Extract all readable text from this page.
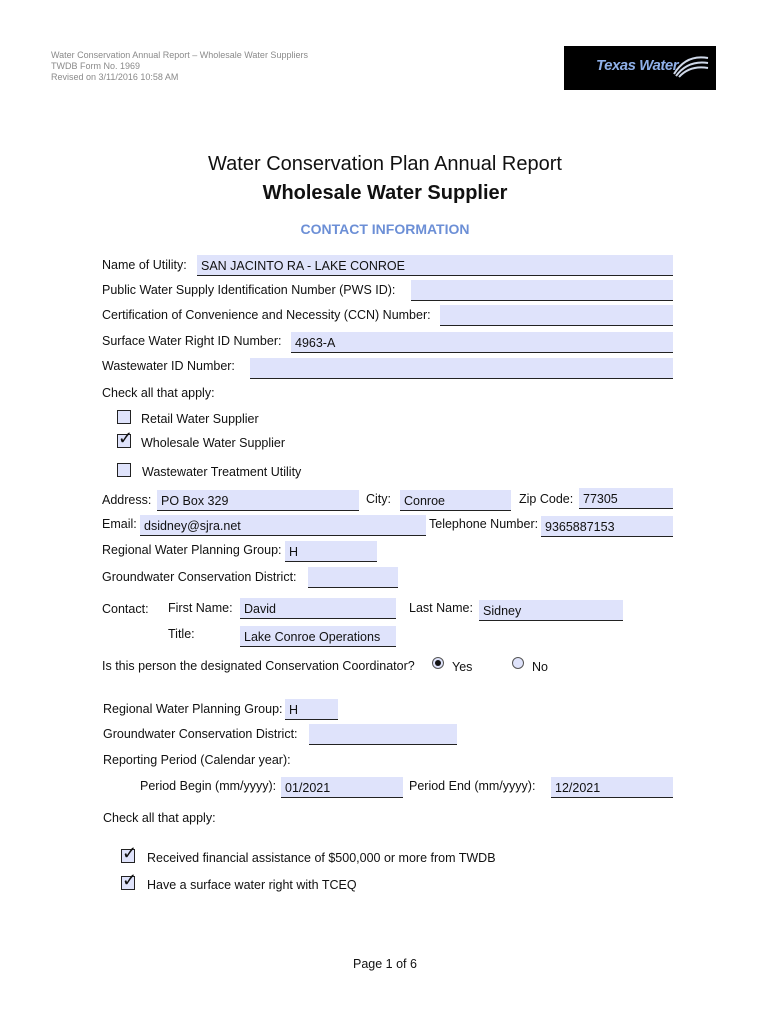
Water Conservation Annual Report – Wholesale Water Suppliers
TWDB Form No. 1969
Revised on 3/11/2016 10:58 AM
Texas Water
Water Conservation Plan Annual Report
Wholesale Water Supplier
CONTACT INFORMATION
Name of Utility:	SAN JACINTO RA - LAKE CONROE
Public Water Supply Identification Number (PWS ID):
Certification of Convenience and Necessity (CCN) Number:
Surface Water Right ID Number:	4963-A
Wastewater ID Number:
Check all that apply:
Retail Water Supplier
✓ Wholesale Water Supplier
Wastewater Treatment Utility
Address: PO Box 329	City:	Conroe	Zip Code: 77305
Email: dsidney@sjra.net	Telephone Number: 9365887153
Regional Water Planning Group: H
Groundwater Conservation District:
Contact: First Name: David	Last Name: Sidney
Title:	Lake Conroe Operations
Is this person the designated Conservation Coordinator?	Yes	No
Regional Water Planning Group: H
Groundwater Conservation District:
Reporting Period (Calendar year):
Period Begin (mm/yyyy): 01/2021	Period End (mm/yyyy):	12/2021
Check all that apply:
✓ Received financial assistance of $500,000 or more from TWDB
✓ Have a surface water right with TCEQ
Page 1 of 6
